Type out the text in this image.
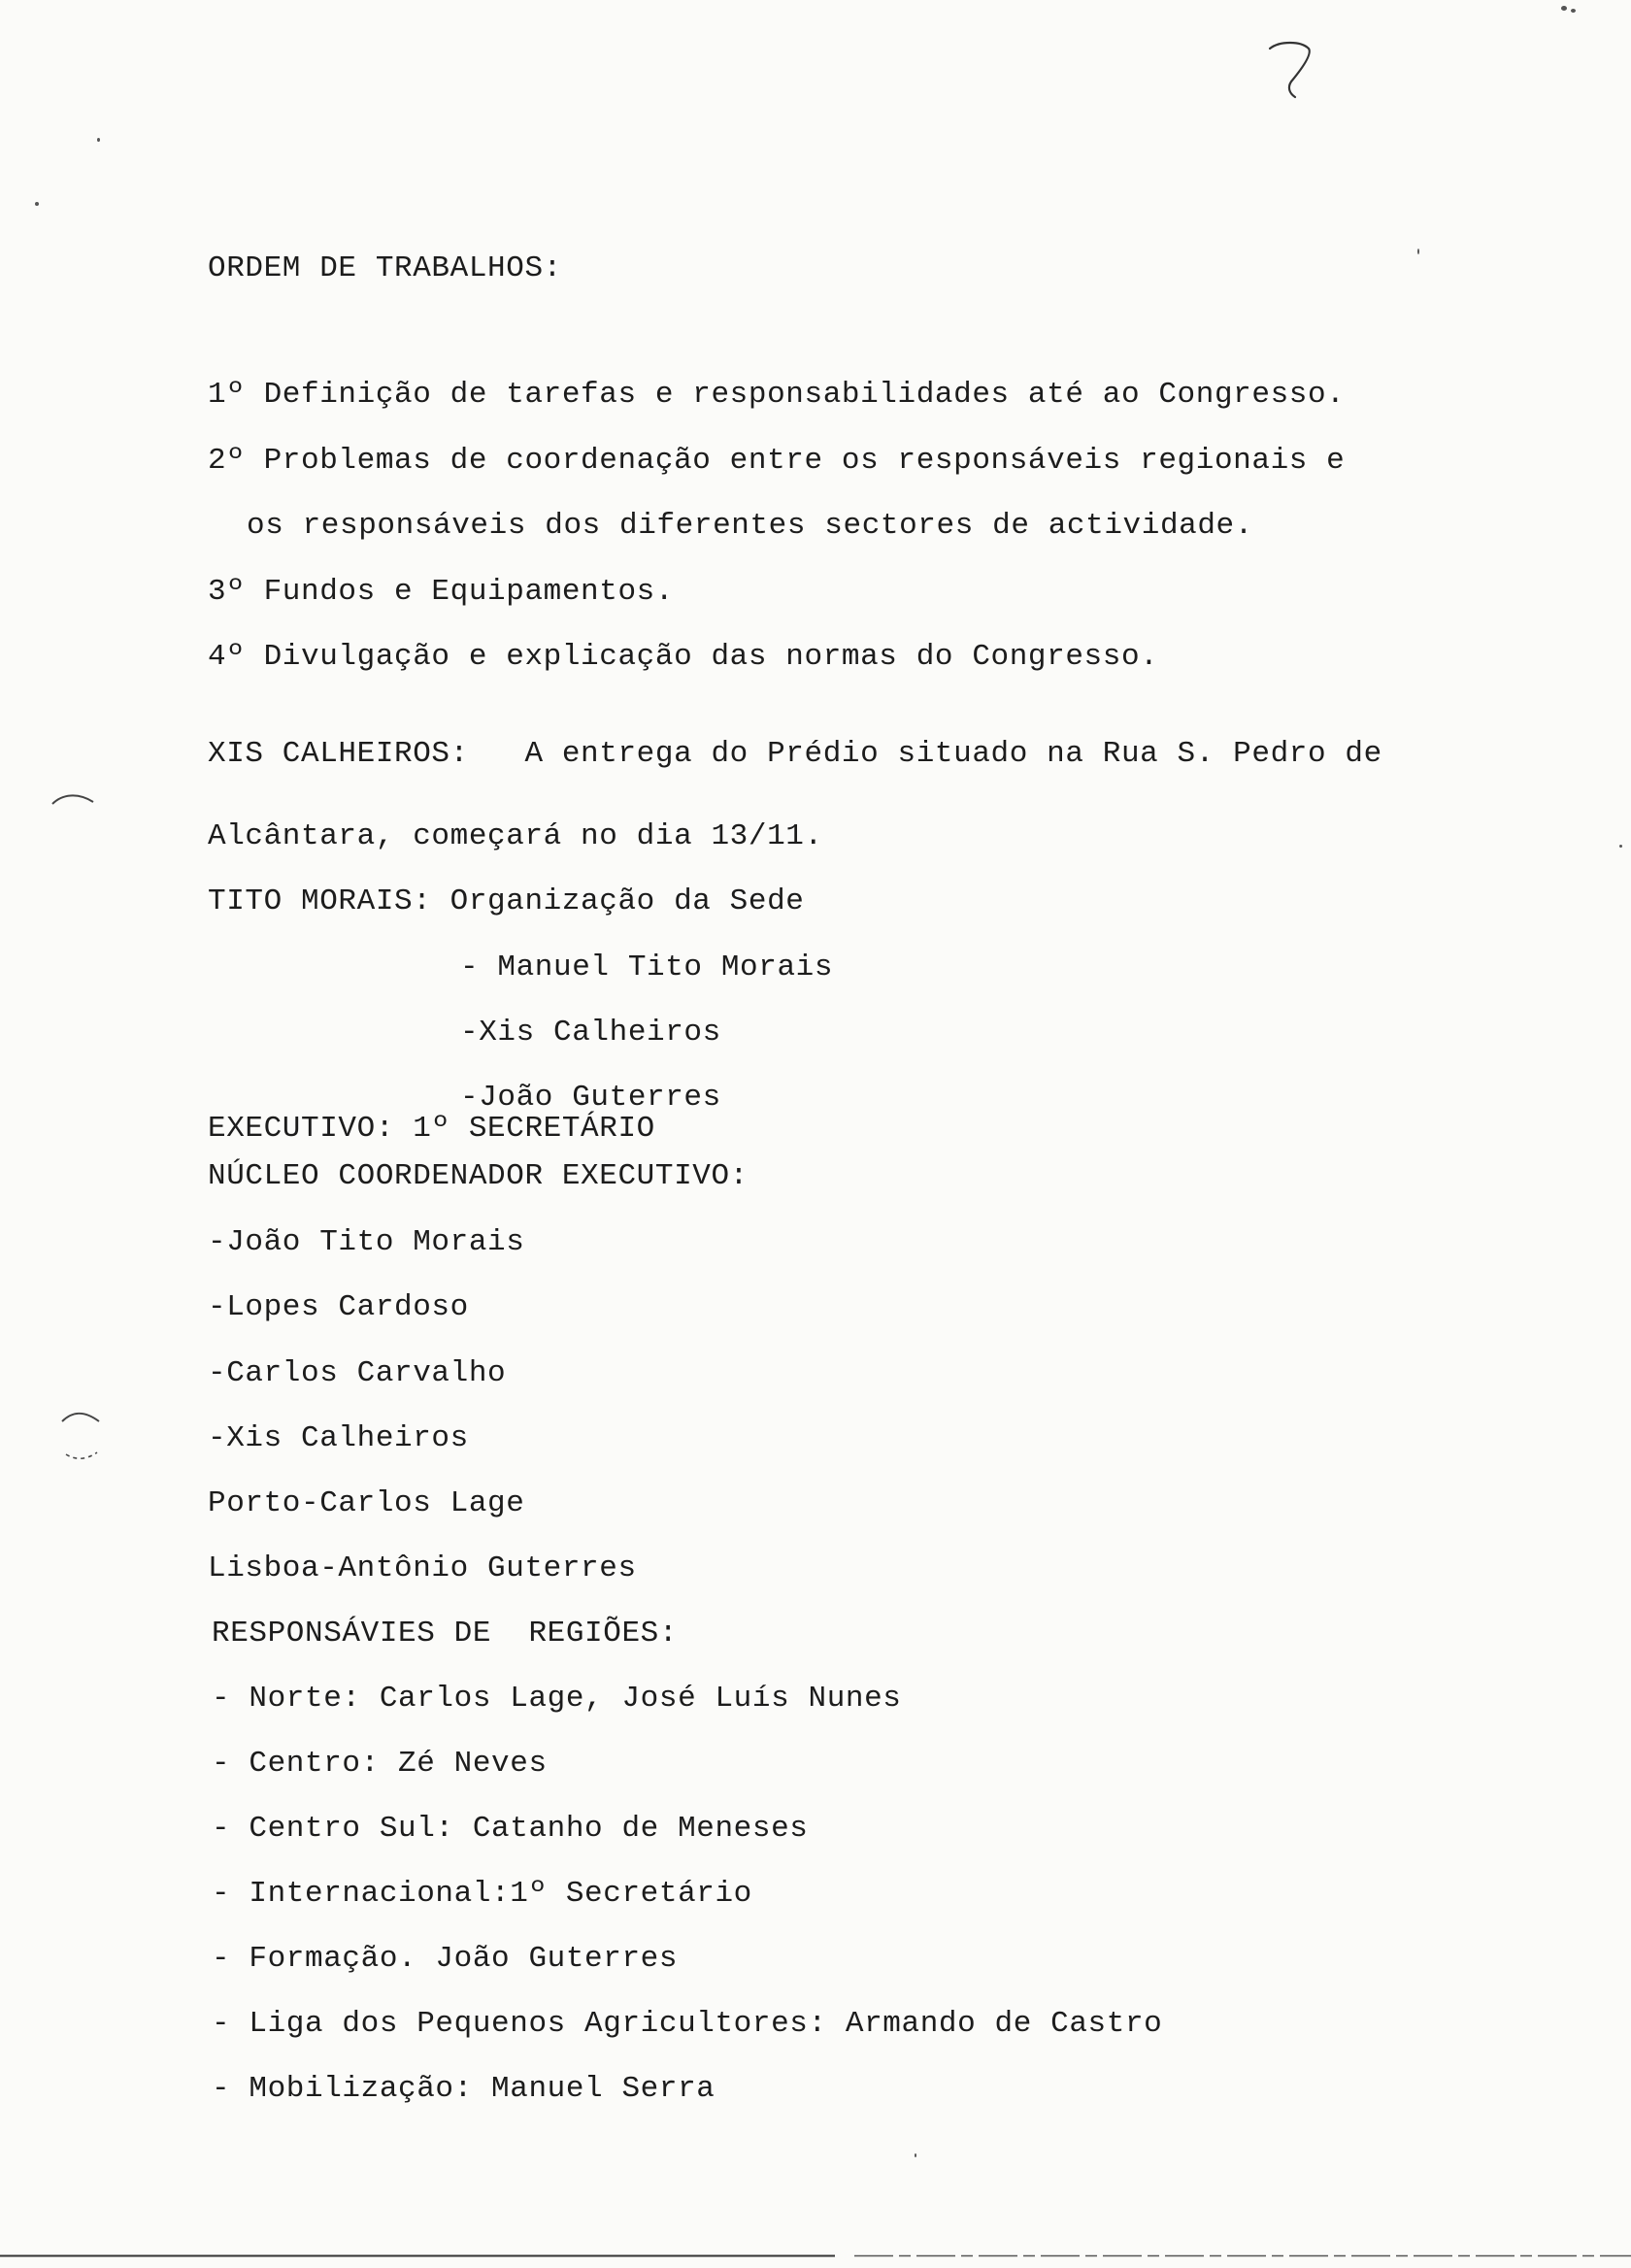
ORDEM DE TRABALHOS:

1º Definição de tarefas e responsabilidades até ao Congresso.

2º Problemas de coordenação entre os responsáveis regionais e

os responsáveis dos diferentes sectores de actividade.

3º Fundos e Equipamentos.

4º Divulgação e explicação das normas do Congresso.

XIS CALHEIROS:   A entrega do Prédio situado na Rua S. Pedro de

Alcântara, começará no dia 13/11.

TITO MORAIS: Organização da Sede

- Manuel Tito Morais

-Xis Calheiros

-João Guterres

EXECUTIVO: 1º SECRETÁRIO

NÚCLEO COORDENADOR EXECUTIVO:

-João Tito Morais

-Lopes Cardoso

-Carlos Carvalho

-Xis Calheiros

Porto-Carlos Lage

Lisboa-Antônio Guterres

RESPONSÁVIES DE  REGIÕES:

- Norte: Carlos Lage, José Luís Nunes

- Centro: Zé Neves

- Centro Sul: Catanho de Meneses

- Internacional:1º Secretário

- Formação. João Guterres

- Liga dos Pequenos Agricultores: Armando de Castro

- Mobilização: Manuel Serra
